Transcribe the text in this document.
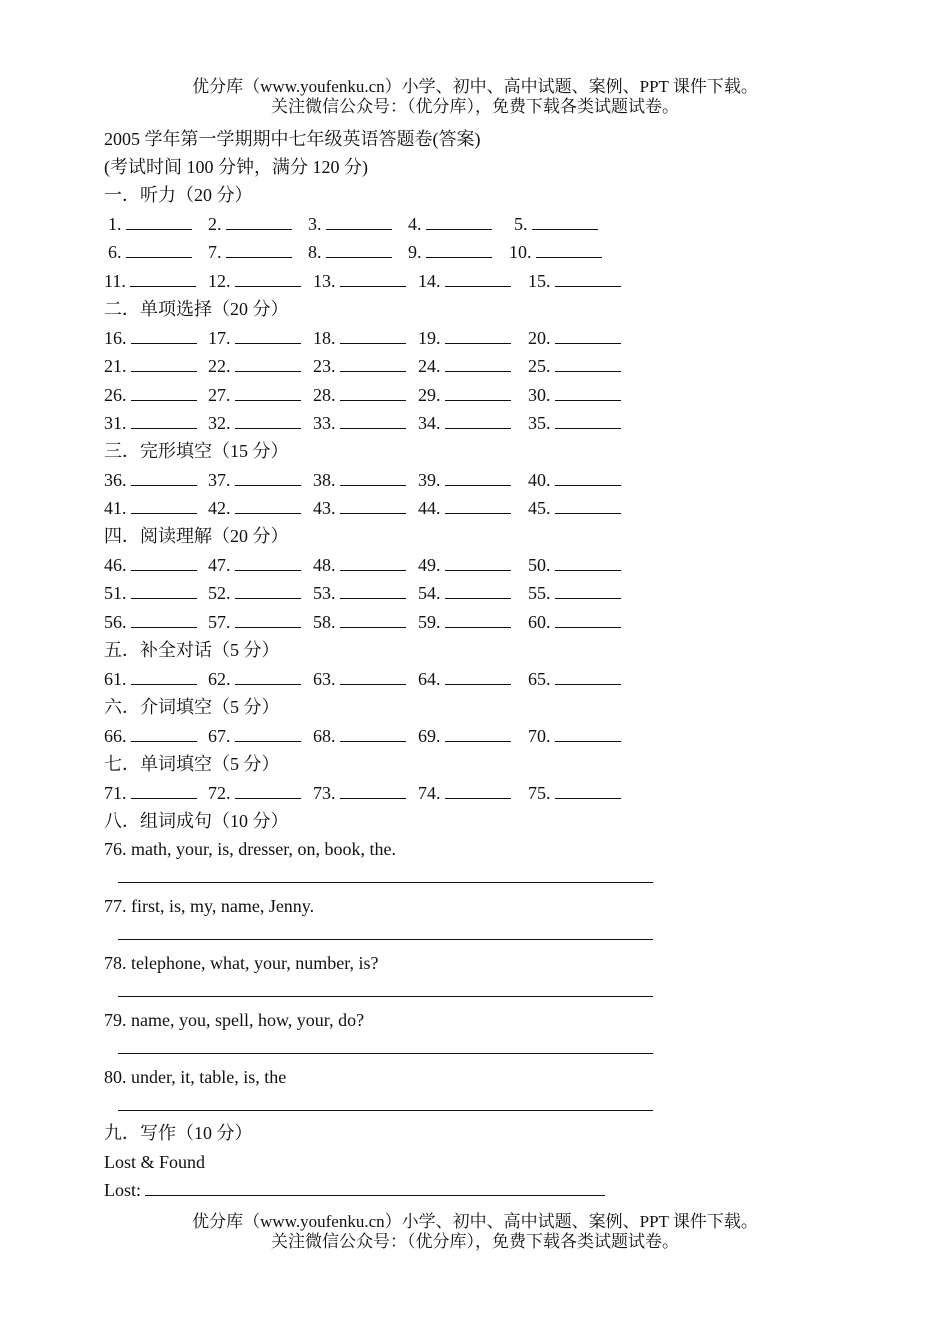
优分库（www.youfenku.cn）小学、初中、高中试题、案例、PPT 课件下载。
关注微信公众号：（优分库），免费下载各类试题试卷。
2005 学年第一学期期中七年级英语答题卷(答案)
(考试时间 100 分钟，满分 120 分)
一．听力（20 分）
1.	2.	3.	4.	5.
6.	7.	8.	9.	10.
11.	12.	13.	14.	15.
二．单项选择（20 分）
16.	17.	18.	19.	20.
21.	22.	23.	24.	25.
26.	27.	28.	29.	30.
31.	32.	33.	34.	35.
三．完形填空（15 分）
36.	37.	38.	39.	40.
41.	42.	43.	44.	45.
四．阅读理解（20 分）
46.	47.	48.	49.	50.
51.	52.	53.	54.	55.
56.	57.	58.	59.	60.
五．补全对话（5 分）
61.	62.	63.	64.	65.
六．介词填空（5 分）
66.	67.	68.	69.	70.
七．单词填空（5 分）
71.	72.	73.	74.	75.
八．组词成句（10 分）
76. math, your, is, dresser, on, book, the.
77. first, is, my, name, Jenny.
78. telephone, what, your, number, is?
79. name, you, spell, how, your, do?
80. under, it, table, is, the
九．写作（10 分）
Lost & Found
Lost:
优分库（www.youfenku.cn）小学、初中、高中试题、案例、PPT 课件下载。
关注微信公众号：（优分库），免费下载各类试题试卷。
